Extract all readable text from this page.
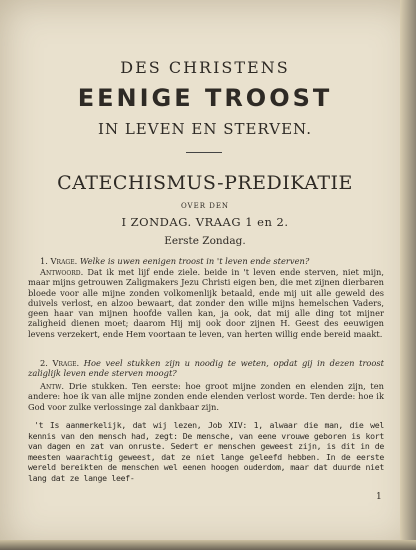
DES CHRISTENS
EENIGE TROOST
IN LEVEN EN STERVEN.
CATECHISMUS-PREDIKATIE
OVER DEN
I ZONDAG. VRAAG 1 en 2.
Eerste Zondag.
1. Vrage. Welke is uwen eenigen troost in 't leven ende sterven?
Antwoord. Dat ik met lijf ende ziele. beide in 't leven ende sterven, niet mijn, maar mijns getrouwen Zaligmakers Jezu Christi eigen ben, die met zijnen dierbaren bloede voor alle mijne zonden volkomenlijk betaald, ende mij uit alle geweld des duivels verlost, en alzoo bewaart, dat zonder den wille mijns hemelschen Vaders, geen haar van mijnen hoofde vallen kan, ja ook, dat mij alle ding tot mijner zaligheid dienen moet; daarom Hij mij ook door zijnen H. Geest des eeuwigen levens verzekert, ende Hem voortaan te leven, van herten willig ende bereid maakt.
2. Vrage. Hoe veel stukken zijn u noodig te weten, opdat gij in dezen troost zaliglijk leven ende sterven moogt?
Antw. Drie stukken. Ten eerste: hoe groot mijne zonden en elenden zijn, ten andere: hoe ik van alle mijne zonden ende elenden verlost worde. Ten derde: hoe ik God voor zulke verlossinge zal dankbaar zijn.
't Is aanmerkelijk, dat wij lezen, Job XIV: 1, alwaar die man, die wel kennis van den mensch had, zegt: De mensche, van eene vrouwe geboren is kort van dagen en zat van onruste. Sedert er menschen geweest zijn, is dit in de meesten waarachtig geweest, dat ze niet lange geleefd hebben. In de eerste wereld bereikten de menschen wel eenen hoogen ouderdom, maar dat duurde niet lang dat ze lange leef-
1
